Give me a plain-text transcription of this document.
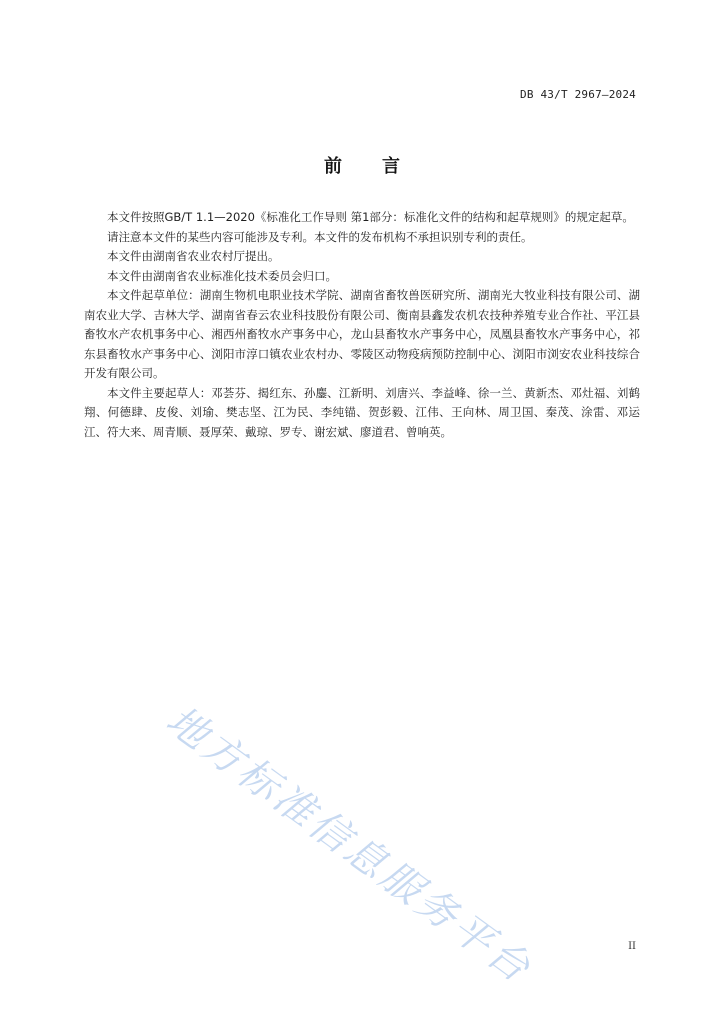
DB 43/T 2967—2024
前言

本文件按照GB/T 1.1—2020《标准化工作导则 第1部分：标准化文件的结构和起草规则》的规定起草。

请注意本文件的某些内容可能涉及专利。本文件的发布机构不承担识别专利的责任。

本文件由湖南省农业农村厅提出。

本文件由湖南省农业标准化技术委员会归口。

本文件起草单位：湖南生物机电职业技术学院、湖南省畜牧兽医研究所、湖南光大牧业科技有限公司、湖南农业大学、吉林大学、湖南省春云农业科技股份有限公司、衡南县鑫发农机农技种养殖专业合作社、平江县畜牧水产农机事务中心、湘西州畜牧水产事务中心，龙山县畜牧水产事务中心，凤凰县畜牧水产事务中心，祁东县畜牧水产事务中心、浏阳市淳口镇农业农村办、零陵区动物疫病预防控制中心、浏阳市浏安农业科技综合开发有限公司。

本文件主要起草人：邓荟芬、揭红东、孙鏖、江新明、刘唐兴、李益峰、徐一兰、黄新杰、邓灶福、刘鹤翔、何德肆、皮俊、刘瑜、樊志坚、江为民、李纯锚、贺彭毅、江伟、王向林、周卫国、秦茂、涂雷、邓运江、符大来、周青顺、聂厚荣、戴琼、罗专、谢宏斌、廖道君、曾响英。

地方标准信息服务平台	II
